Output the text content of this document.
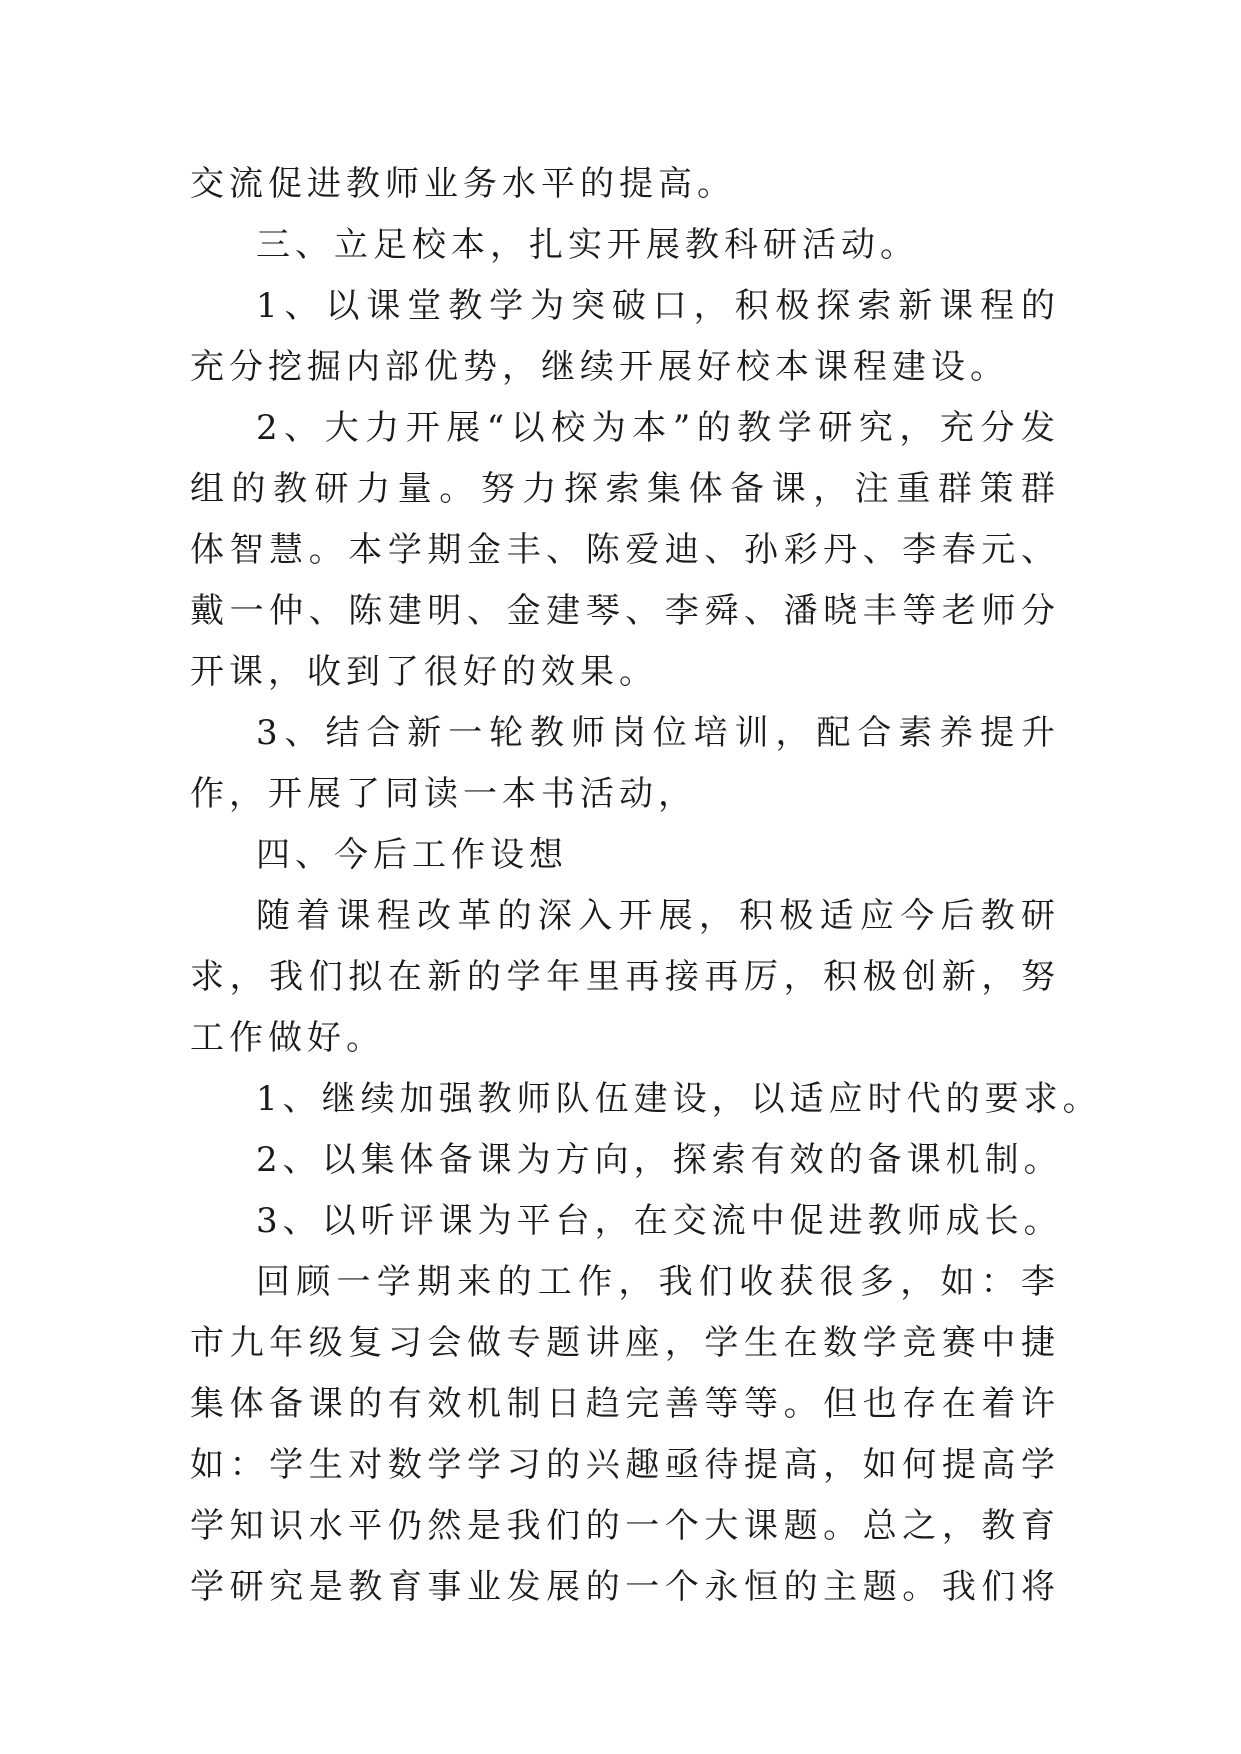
交流促进教师业务水平的提高。
三、立足校本，扎实开展教科研活动。
1、以课堂教学为突破口，积极探索新课程的
充分挖掘内部优势，继续开展好校本课程建设。
2、大力开展“以校为本”的教学研究，充分发
组的教研力量。努力探索集体备课，注重群策群
体智慧。本学期金丰、陈爱迪、孙彩丹、李春元、
戴一仲、陈建明、金建琴、李舜、潘晓丰等老师分
开课，收到了很好的效果。
3、结合新一轮教师岗位培训，配合素养提升
作，开展了同读一本书活动，
四、今后工作设想
随着课程改革的深入开展，积极适应今后教研
求，我们拟在新的学年里再接再厉，积极创新，努
工作做好。
1、继续加强教师队伍建设，以适应时代的要求。
2、以集体备课为方向，探索有效的备课机制。
3、以听评课为平台，在交流中促进教师成长。
回顾一学期来的工作，我们收获很多，如：李
市九年级复习会做专题讲座，学生在数学竞赛中捷
集体备课的有效机制日趋完善等等。但也存在着许
如：学生对数学学习的兴趣亟待提高，如何提高学
学知识水平仍然是我们的一个大课题。总之，教育
学研究是教育事业发展的一个永恒的主题。我们将
